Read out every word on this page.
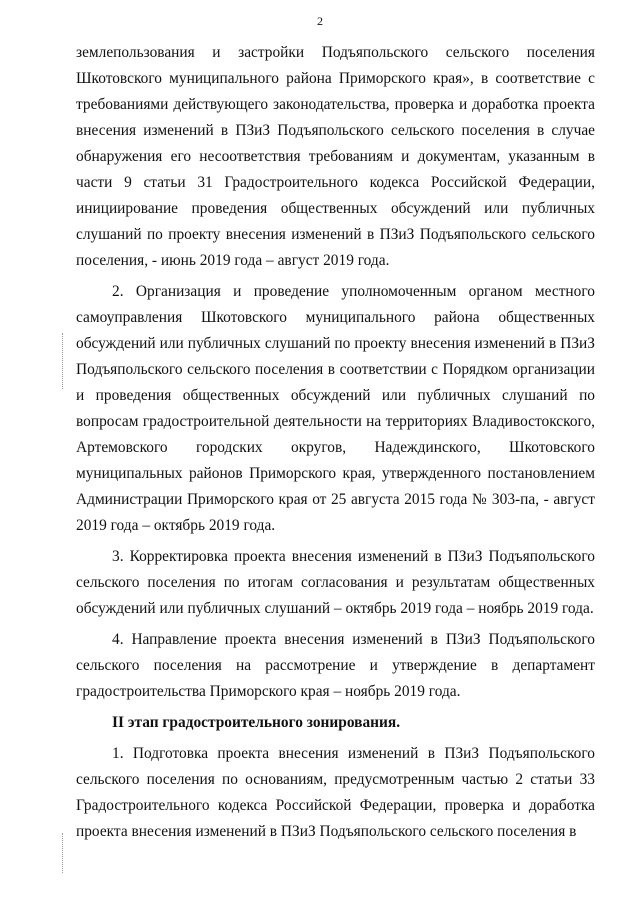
2

землепользования и застройки Подъяпольского сельского поселения Шкотовского муниципального района Приморского края», в соответствие с требованиями действующего законодательства, проверка и доработка проекта внесения изменений в ПЗиЗ Подъяпольского сельского поселения в случае обнаружения его несоответствия требованиям и документам, указанным в части 9 статьи 31 Градостроительного кодекса Российской Федерации, инициирование проведения общественных обсуждений или публичных слушаний по проекту внесения изменений в ПЗиЗ Подъяпольского сельского поселения, - июнь 2019 года – август 2019 года.

2. Организация и проведение уполномоченным органом местного самоуправления Шкотовского муниципального района общественных обсуждений или публичных слушаний по проекту внесения изменений в ПЗиЗ Подъяпольского сельского поселения в соответствии с Порядком организации и проведения общественных обсуждений или публичных слушаний по вопросам градостроительной деятельности на территориях Владивостокского, Артемовского городских округов, Надеждинского, Шкотовского муниципальных районов Приморского края, утвержденного постановлением Администрации Приморского края от 25 августа 2015 года № 303-па, - август 2019 года – октябрь 2019 года.

3. Корректировка проекта внесения изменений в ПЗиЗ Подъяпольского сельского поселения по итогам согласования и результатам общественных обсуждений или публичных слушаний – октябрь 2019 года – ноябрь 2019 года.

4. Направление проекта внесения изменений в ПЗиЗ Подъяпольского сельского поселения на рассмотрение и утверждение в департамент градостроительства Приморского края – ноябрь 2019 года.

II этап градостроительного зонирования.

1. Подготовка проекта внесения изменений в ПЗиЗ Подъяпольского сельского поселения по основаниям, предусмотренным частью 2 статьи 33 Градостроительного кодекса Российской Федерации, проверка и доработка проекта внесения изменений в ПЗиЗ Подъяпольского сельского поселения в
